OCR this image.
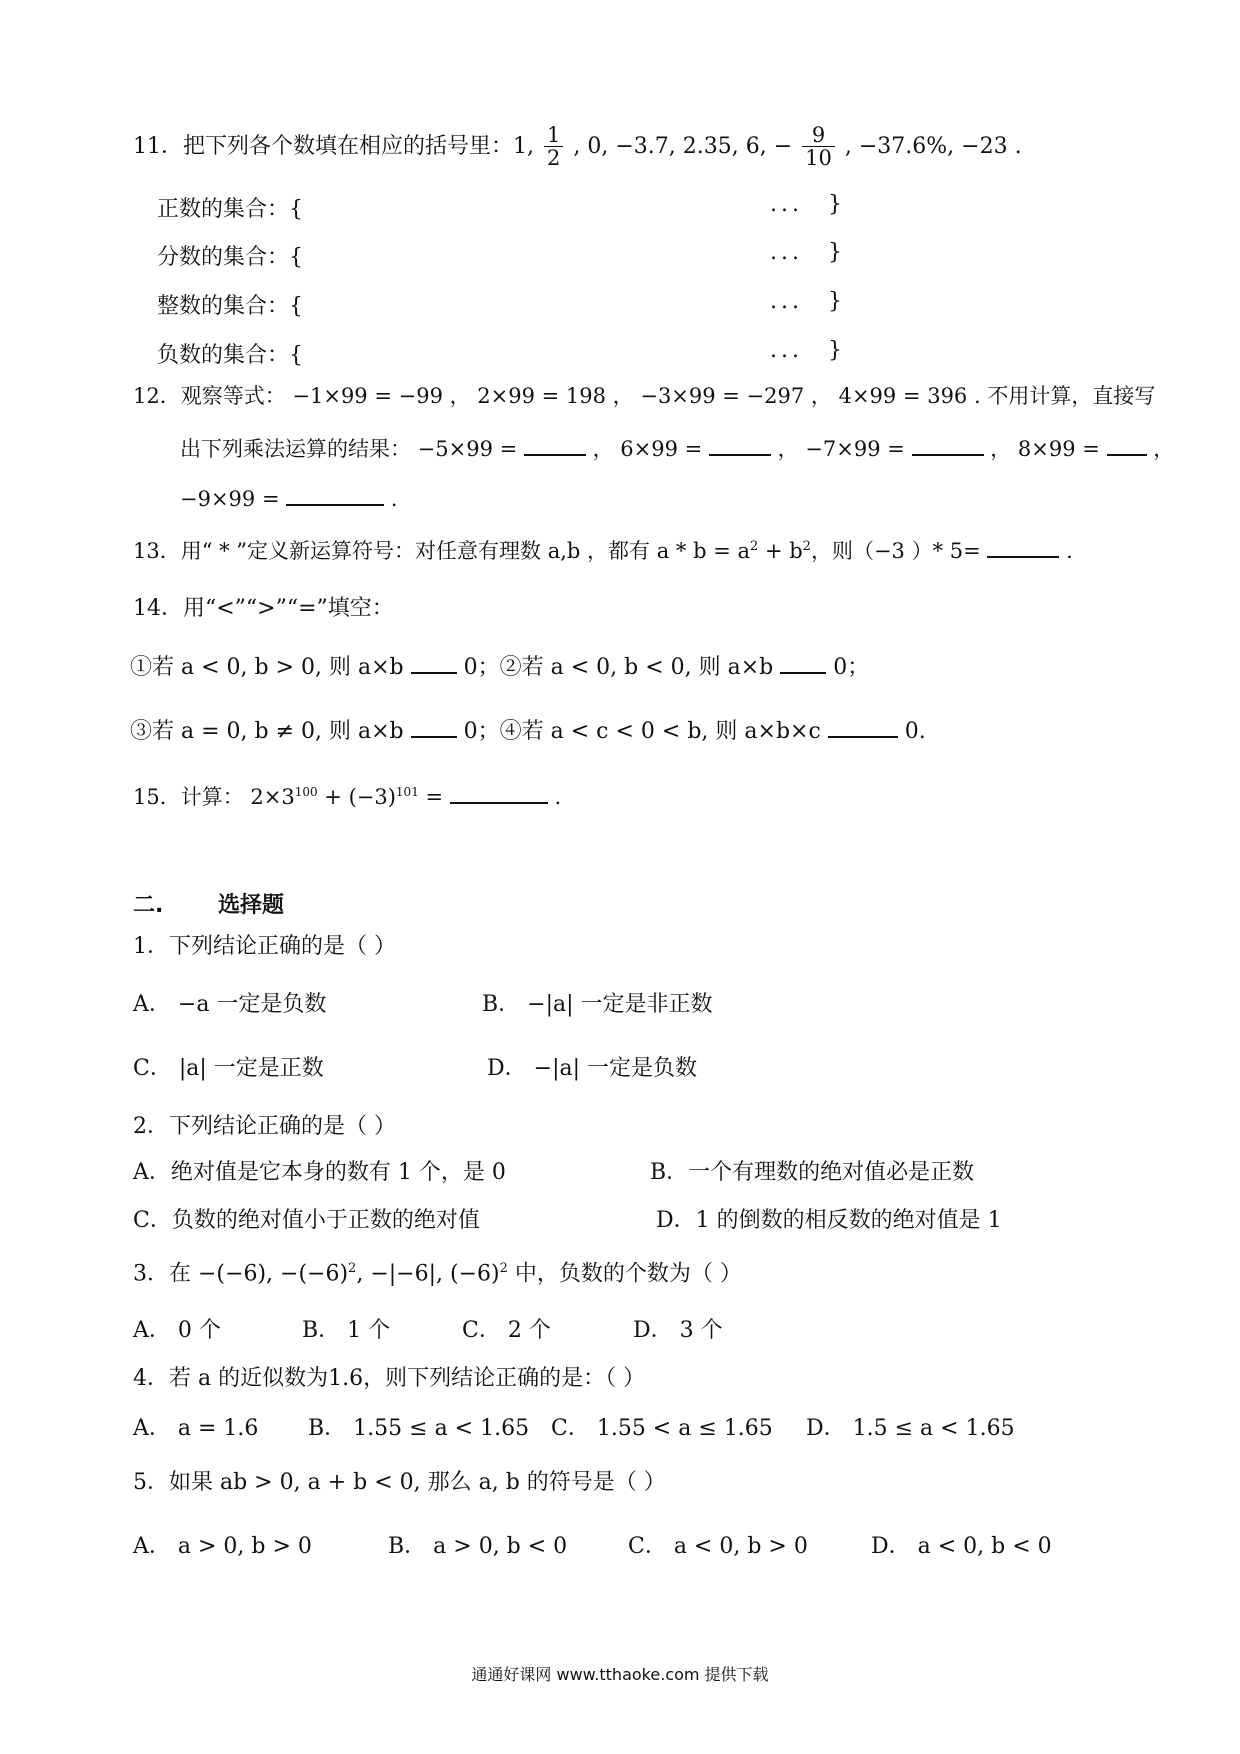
11．把下列各个数填在相应的括号里：1, $\frac{1}{2}$ , 0, −3.7, 2.35, 6, − $\frac{9}{10}$ , −37.6%, −23 .
正数的集合：{	... }
分数的集合：{	... }
整数的集合：{	... }
负数的集合：{	... }
12．观察等式： −1×99 = −99 ， 2×99 = 198 ， −3×99 = −297 ， 4×99 = 396 . 不用计算，直接写
出下列乘法运算的结果： −5×99 =	， 6×99 =	， −7×99 =	， 8×99 =	，
−9×99 =	.
13．用“ * ”定义新运算符号：对任意有理数 a,b ，都有 $a * b = a^2 + b^2$，则（−3 ）* 5=	.
14．用“<”“>”“=”填空：
①若 a < 0, b > 0, 则 a×b	0；②若 a < 0, b < 0, 则 a×b	0；
③若 a = 0, b ≠ 0, 则 a×b	0；④若 a < c < 0 < b, 则 a×b×c	0.
15．计算： $2\times 3^{100} + (-3)^{101}$ =	.
二. 选择题
1．下列结论正确的是（ ）
A． −a 一定是负数	B． −|a| 一定是非正数
C． |a| 一定是正数	D． −|a| 一定是负数
2．下列结论正确的是（ ）
A．绝对值是它本身的数有 1 个，是 0	B．一个有理数的绝对值必是正数
C．负数的绝对值小于正数的绝对值	D．1 的倒数的相反数的绝对值是 1
3．在 −(−6), $-(-6)^2$, −|−6|, $(-6)^2$ 中，负数的个数为（ ）
A． 0 个	B． 1 个	C． 2 个	D． 3 个
4．若 a 的近似数为1.6，则下列结论正确的是：（ ）
A． a = 1.6 B． 1.55 ≤ a < 1.65 C． 1.55 < a ≤ 1.65 D． 1.5 ≤ a < 1.65
5．如果 ab > 0, a + b < 0, 那么 a, b 的符号是（ ）
A． a > 0, b > 0	B． a > 0, b < 0	C． a < 0, b > 0	D． a < 0, b < 0
通通好课网 www.tthaoke.com 提供下载
